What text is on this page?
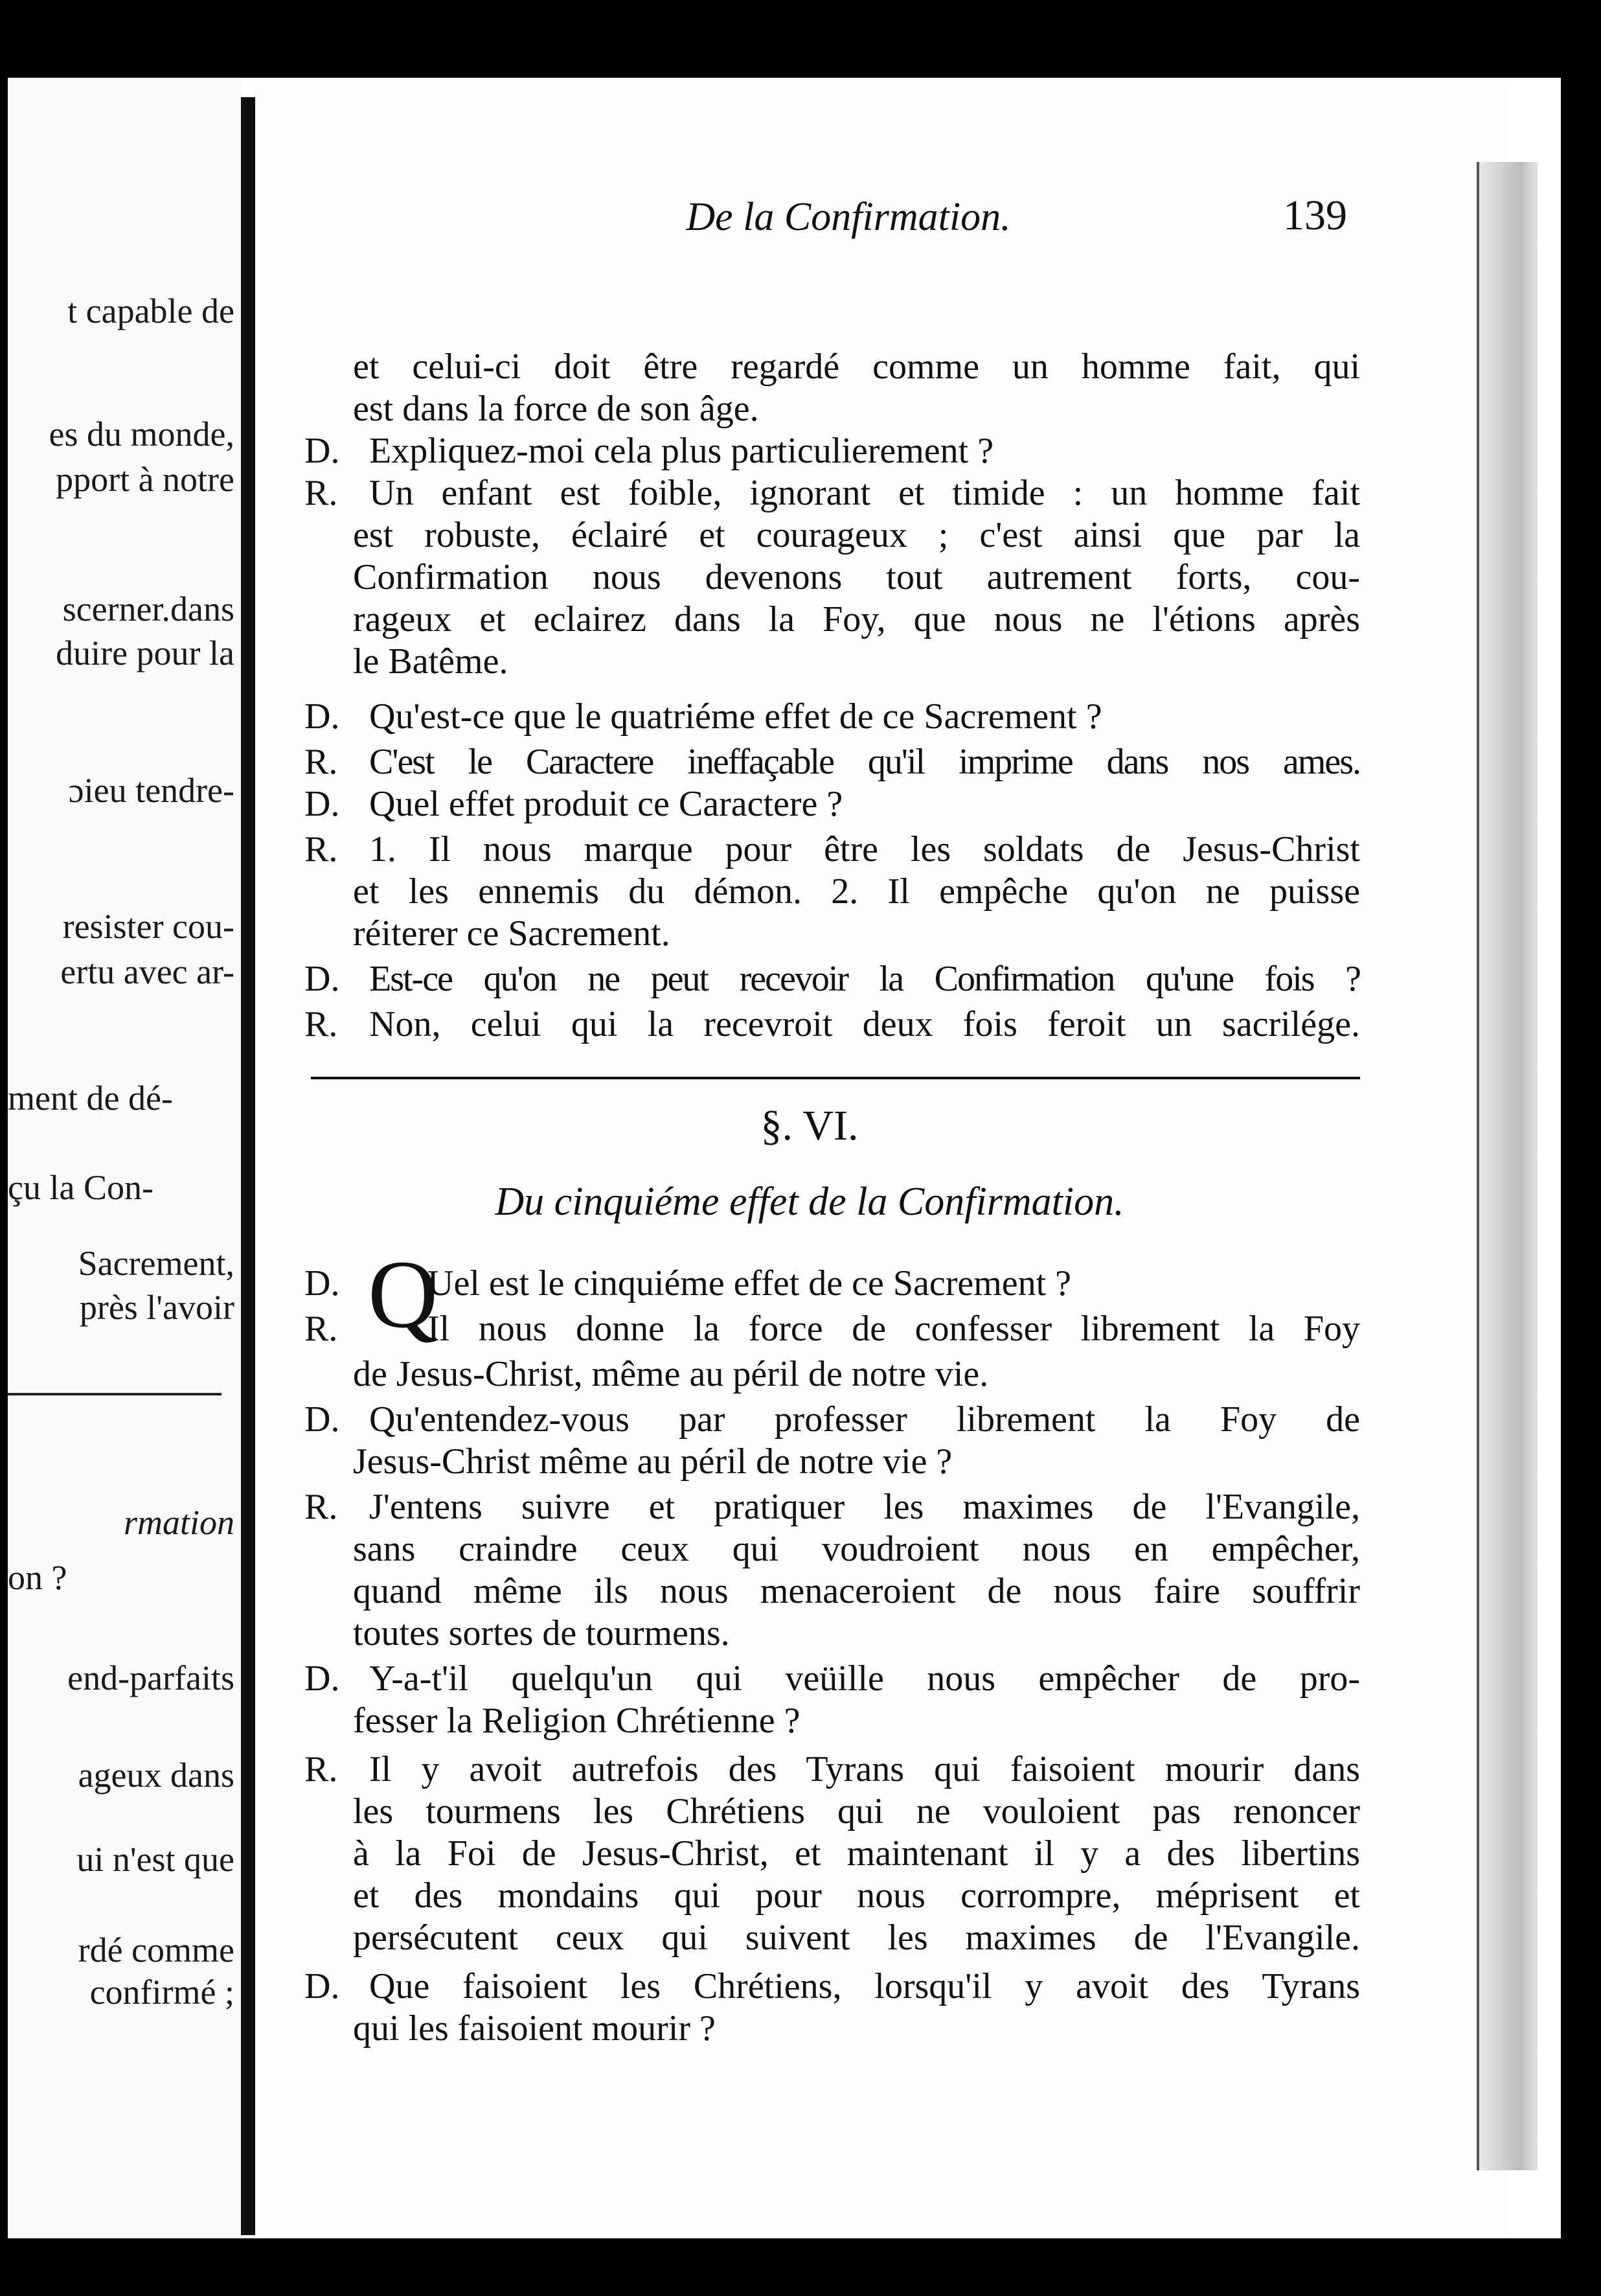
t capable de
es du monde,
pport à notre
scerner.dans
duire pour la
ɔieu tendre-
resister cou-
ertu avec ar-
ment de dé-
çu la Con-
Sacrement,
près l'avoir
rmation
on ?
end-parfaits
ageux dans
ui n'est que
rdé comme
confirmé ;
De la Confirmation.	139
et celui-ci doit être regardé comme un homme fait, qui
est dans la force de son âge.
D. Expliquez-moi cela plus particulierement ?
R. Un enfant est foible, ignorant et timide : un homme fait
est robuste, éclairé et courageux ; c'est ainsi que par la
Confirmation nous devenons tout autrement forts, cou-
rageux et eclairez dans la Foy, que nous ne l'étions après
le Batême.
D. Qu'est-ce que le quatriéme effet de ce Sacrement ?
R. C'est le Caractere ineffaçable qu'il imprime dans nos ames.
D. Quel effet produit ce Caractere ?
R. 1. Il nous marque pour être les soldats de Jesus-Christ
et les ennemis du démon. 2. Il empêche qu'on ne puisse
réiterer ce Sacrement.
D. Est-ce qu'on ne peut recevoir la Confirmation qu'une fois ?
R. Non, celui qui la recevroit deux fois feroit un sacrilége.
§. VI.
Du cinquiéme effet de la Confirmation.
Q
D.	Uel est le cinquiéme effet de ce Sacrement ?
R.	Il nous donne la force de confesser librement la Foy
de Jesus-Christ, même au péril de notre vie.
D. Qu'entendez-vous par professer librement la Foy de
Jesus-Christ même au péril de notre vie ?
R. J'entens suivre et pratiquer les maximes de l'Evangile,
sans craindre ceux qui voudroient nous en empêcher,
quand même ils nous menaceroient de nous faire souffrir
toutes sortes de tourmens.
D. Y-a-t'il quelqu'un qui veüille nous empêcher de pro-
fesser la Religion Chrétienne ?
R. Il y avoit autrefois des Tyrans qui faisoient mourir dans
les tourmens les Chrétiens qui ne vouloient pas renoncer
à la Foi de Jesus-Christ, et maintenant il y a des libertins
et des mondains qui pour nous corrompre, méprisent et
persécutent ceux qui suivent les maximes de l'Evangile.
D. Que faisoient les Chrétiens, lorsqu'il y avoit des Tyrans
qui les faisoient mourir ?
